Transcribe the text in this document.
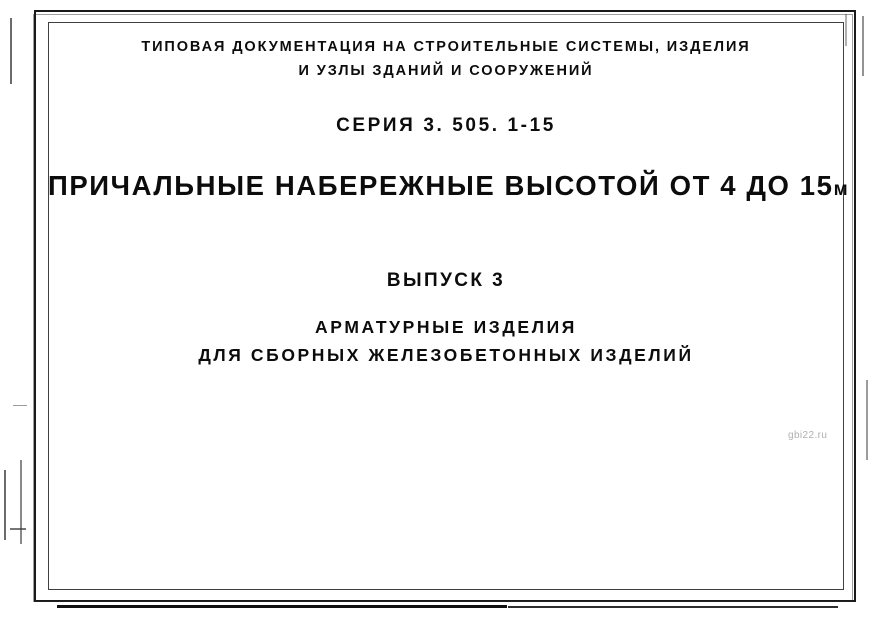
ТИПОВАЯ ДОКУМЕНТАЦИЯ НА СТРОИТЕЛЬНЫЕ СИСТЕМЫ, ИЗДЕЛИЯ
И УЗЛЫ ЗДАНИЙ И СООРУЖЕНИЙ
СЕРИЯ 3. 505. 1-15
ПРИЧАЛЬНЫЕ НАБЕРЕЖНЫЕ ВЫСОТОЙ ОТ 4 ДО 15м
ВЫПУСК 3
АРМАТУРНЫЕ ИЗДЕЛИЯ
ДЛЯ СБОРНЫХ ЖЕЛЕЗОБЕТОННЫХ ИЗДЕЛИЙ
gbi22.ru
